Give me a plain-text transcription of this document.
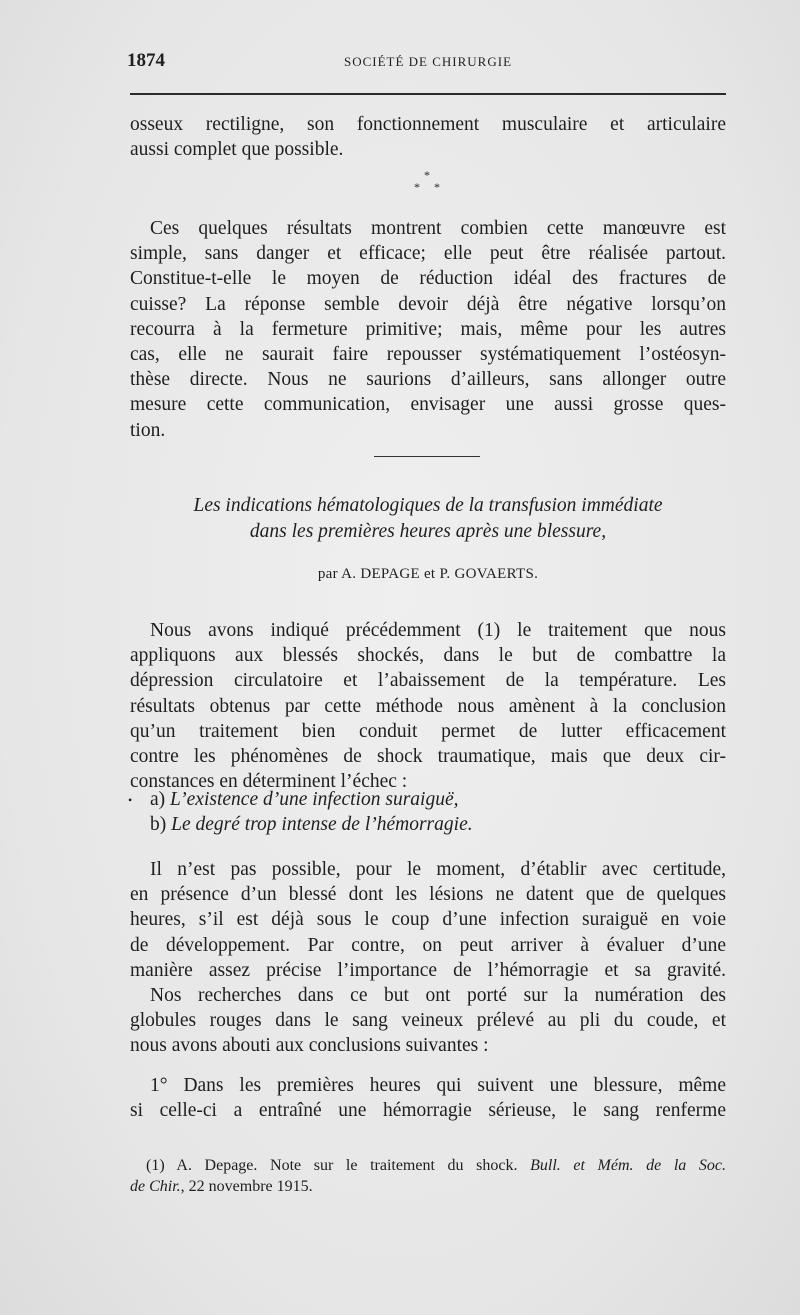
1874	SOCIÉTÉ DE CHIRURGIE

osseux rectiligne, son fonctionnement musculaire et articulaire

aussi complet que possible.

*
* *

Ces quelques résultats montrent combien cette manœuvre est

simple, sans danger et efficace; elle peut être réalisée partout.

Constitue-t-elle le moyen de réduction idéal des fractures de

cuisse? La réponse semble devoir déjà être négative lorsqu’on

recourra à la fermeture primitive; mais, même pour les autres

cas, elle ne saurait faire repousser systématiquement l’ostéosyn-

thèse directe. Nous ne saurions d’ailleurs, sans allonger outre

mesure cette communication, envisager une aussi grosse ques-

tion.

Les indications hématologiques de la transfusion immédiate
dans les premières heures après une blessure,
par A. DEPAGE et P. GOVAERTS.

Nous avons indiqué précédemment (1) le traitement que nous

appliquons aux blessés shockés, dans le but de combattre la

dépression circulatoire et l’abaissement de la température. Les

résultats obtenus par cette méthode nous amènent à la conclusion

qu’un traitement bien conduit permet de lutter efficacement

contre les phénomènes de shock traumatique, mais que deux cir-

constances en déterminent l’échec :

• a) L’existence d’une infection suraiguë,
b) Le degré trop intense de l’hémorragie.

Il n’est pas possible, pour le moment, d’établir avec certitude,

en présence d’un blessé dont les lésions ne datent que de quelques

heures, s’il est déjà sous le coup d’une infection suraiguë en voie

de développement. Par contre, on peut arriver à évaluer d’une

manière assez précise l’importance de l’hémorragie et sa gravité.

Nos recherches dans ce but ont porté sur la numération des

globules rouges dans le sang veineux prélevé au pli du coude, et

nous avons abouti aux conclusions suivantes :

1° Dans les premières heures qui suivent une blessure, même

si celle-ci a entraîné une hémorragie sérieuse, le sang renferme

(1) A. Depage. Note sur le traitement du shock. Bull. et Mém. de la Soc.
de Chir., 22 novembre 1915.
